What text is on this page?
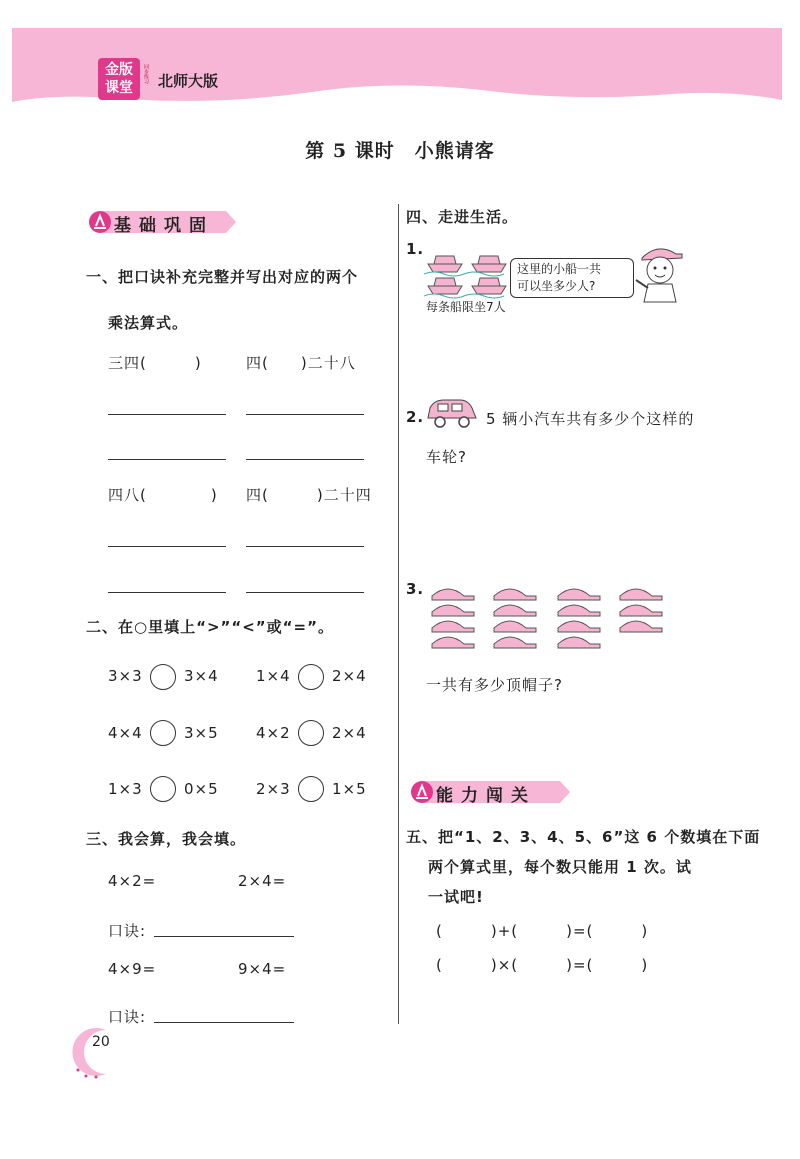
金版
课堂
同步练习 北师大版
第 5 课时　小熊请客
基础巩固
一、把口诀补充完整并写出对应的两个
乘法算式。
三四(　　　)	四(　　)二十八
四八(　　　　) 四(　　　)二十四
二、在○里填上“>”“<”或“=”。
3×3	3×4 1×4	2×4
4×4	3×5 4×2	2×4
1×3	0×5 2×3	1×5
三、我会算，我会填。
4×2=	2×4=
口诀:
4×9=	9×4=
口诀:
20
四、走进生活。
1.
这里的小船一共
可以坐多少人?
每条船限坐7人
2.	5 辆小汽车共有多少个这样的
车轮?
3.
一共有多少顶帽子?
能力闯关
五、把“1、2、3、4、5、6”这 6 个数填在下面
两个算式里，每个数只能用 1 次。试
一试吧!
(　　　)+(　　　)=(　　　)
(　　　)×(　　　)=(　　　)
